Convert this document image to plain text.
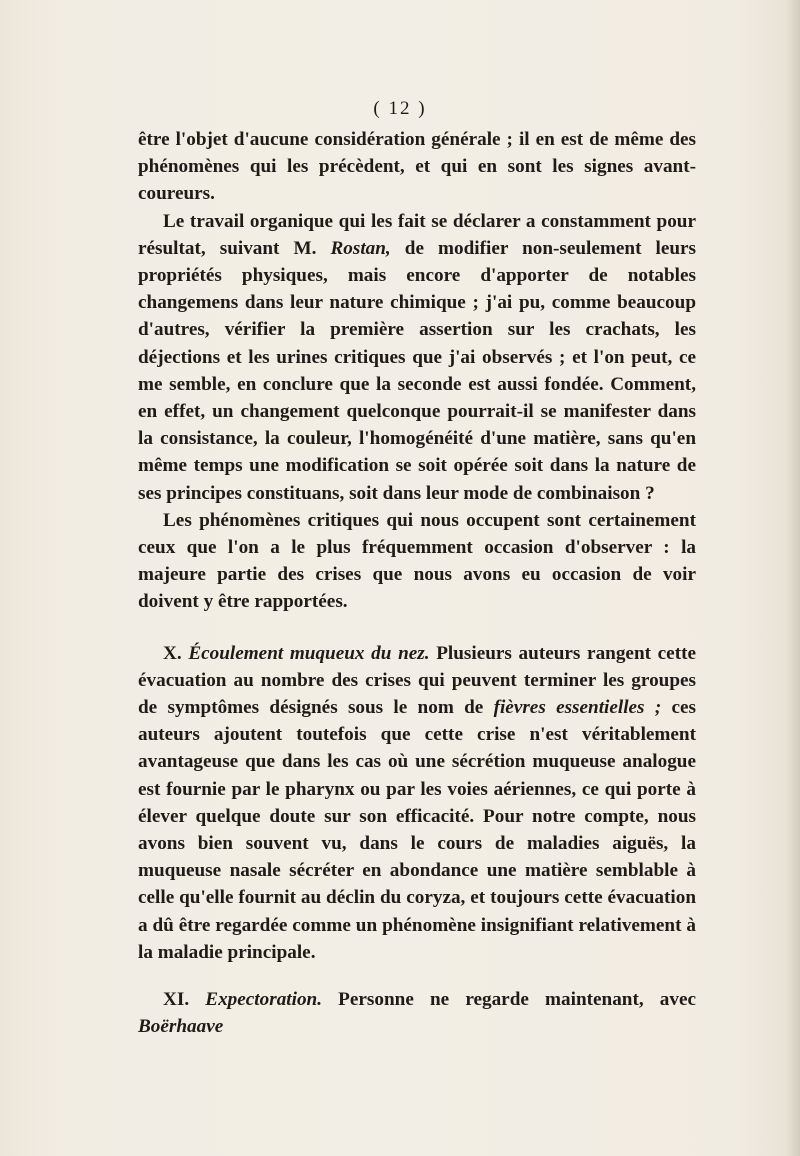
( 12 )

être l'objet d'aucune considération générale ; il en est de même des phénomènes qui les précèdent, et qui en sont les signes avant-coureurs.

Le travail organique qui les fait se déclarer a constamment pour résultat, suivant M. Rostan, de modifier non-seulement leurs propriétés physiques, mais encore d'apporter de notables changemens dans leur nature chimique ; j'ai pu, comme beaucoup d'autres, vérifier la première assertion sur les crachats, les déjections et les urines critiques que j'ai observés ; et l'on peut, ce me semble, en conclure que la seconde est aussi fondée. Comment, en effet, un changement quelconque pourrait-il se manifester dans la consistance, la couleur, l'homogénéité d'une matière, sans qu'en même temps une modification se soit opérée soit dans la nature de ses principes constituans, soit dans leur mode de combinaison ?

Les phénomènes critiques qui nous occupent sont certainement ceux que l'on a le plus fréquemment occasion d'observer : la majeure partie des crises que nous avons eu occasion de voir doivent y être rapportées.

X. Écoulement muqueux du nez. Plusieurs auteurs rangent cette évacuation au nombre des crises qui peuvent terminer les groupes de symptômes désignés sous le nom de fièvres essentielles ; ces auteurs ajoutent toutefois que cette crise n'est véritablement avantageuse que dans les cas où une sécrétion muqueuse analogue est fournie par le pharynx ou par les voies aériennes, ce qui porte à élever quelque doute sur son efficacité. Pour notre compte, nous avons bien souvent vu, dans le cours de maladies aiguës, la muqueuse nasale sécréter en abondance une matière semblable à celle qu'elle fournit au déclin du coryza, et toujours cette évacuation a dû être regardée comme un phénomène insignifiant relativement à la maladie principale.

XI. Expectoration. Personne ne regarde maintenant, avec Boërhaave
